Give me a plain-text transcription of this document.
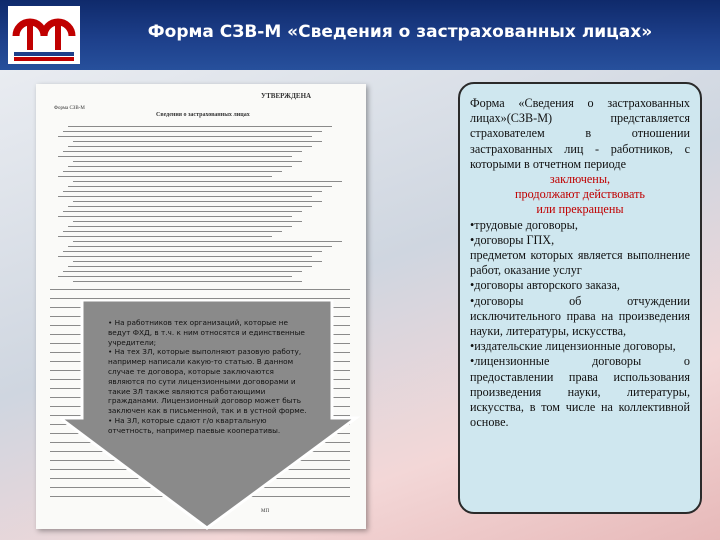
Форма СЗВ-М «Сведения о застрахованных лицах»
УТВЕРЖДЕНА
Форма СЗВ-М
Сведения о застрахованных лицах
МП

• На работников тех организаций, которые не ведут ФХД, в т.ч. к ним относятся и единственные учредители;

• На тех ЗЛ, которые выполняют разовую работу, например написали какую-то статью. В данном случае те договора, которые заключаются являются по сути лицензионными договорами и такие ЗЛ также являются работающими гражданами. Лицензионный договор может быть заключен как в письменной, так и в устной форме.

• На ЗЛ, которые сдают г/о квартальную отчетность, например паевые кооперативы.

Форма «Сведения о застрахованных лицах»(СЗВ-М) представляется страхователем в отношении застрахованных лиц - работников, с которыми в отчетном периоде

заключены,

продолжают действовать

или прекращены

•трудовые договоры,

•договоры ГПХ,

предметом которых является выполнение работ, оказание услуг

•договоры авторского заказа,

•договоры об отчуждении исключительного права на произведения науки, литературы, искусства,

•издательские лицензионные договоры,

•лицензионные договоры о предоставлении права использования произведения науки, литературы, искусства, в том числе на коллективной основе.
